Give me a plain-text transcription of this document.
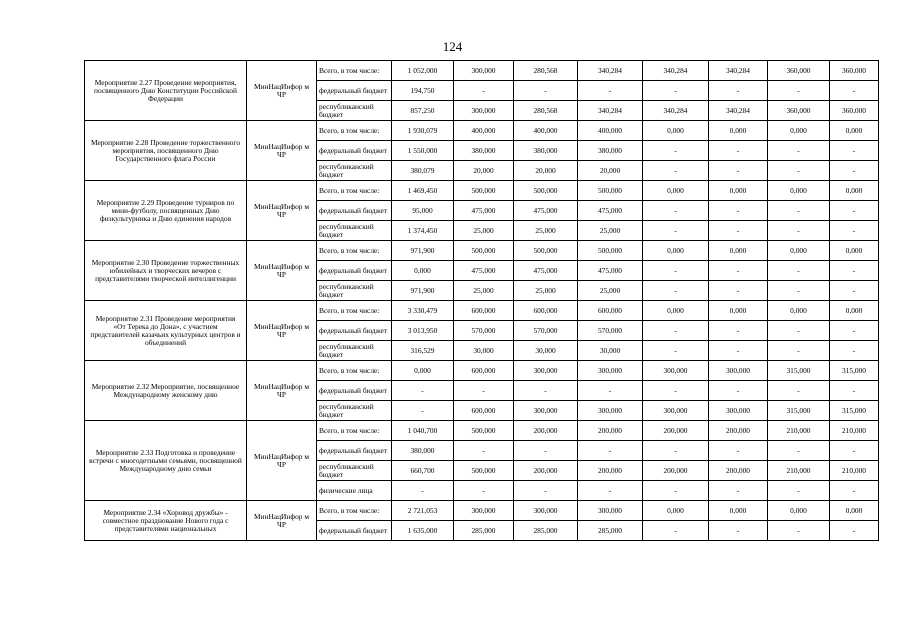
124
Мероприятие 2.27 Проведение мероприятия, посвященного Дню Конституции Российской Федерации	МинНацИнфор м ЧР	Всего, в том числе:	1 052,000	300,000	280,568	340,284	340,284	340,284	360,000	360,000
		федеральный бюджет	194,750	-	-	-	-	-	-	-
		республиканский бюджет	857,250	300,000	280,568	340,284	340,284	340,284	360,000	360,000
Мероприятие 2.28 Проведение торжественного мероприятия, посвященного Дню Государственного флага России	МинНацИнфор м ЧР	Всего, в том числе:	1 930,079	400,000	400,000	400,000	0,000	0,000	0,000	0,000
		федеральный бюджет	1 550,000	380,000	380,000	380,000	-	-	-	-
		республиканский бюджет	380,079	20,000	20,000	20,000	-	-	-	-
Мероприятие 2.29 Проведение турниров по мини-футболу, посвященных Дню физкультурника и Дню единения народов	МинНацИнфор м ЧР	Всего, в том числе:	1 469,450	500,000	500,000	500,000	0,000	0,000	0,000	0,000
		федеральный бюджет	95,000	475,000	475,000	475,000	-	-	-	-
		республиканский бюджет	1 374,450	25,000	25,000	25,000	-	-	-	-
Мероприятие 2.30 Проведение торжественных юбилейных и творческих вечеров с представителями творческой интеллигенции	МинНацИнфор м ЧР	Всего, в том числе:	971,900	500,000	500,000	500,000	0,000	0,000	0,000	0,000
		федеральный бюджет	0,000	475,000	475,000	475,000	-	-	-	-
		республиканский бюджет	971,900	25,000	25,000	25,000	-	-	-	-
Мероприятие 2.31 Проведение мероприятия «От Терека до Дона», с участием представителей казачьих культурных центров и объединений	МинНацИнфор м ЧР	Всего, в том числе:	3 330,479	600,000	600,000	600,000	0,000	0,000	0,000	0,000
		федеральный бюджет	3 013,950	570,000	570,000	570,000	-	-	-	-
		республиканский бюджет	316,529	30,000	30,000	30,000	-	-	-	-
Мероприятие 2.32 Мероприятие, посвященное Международному женскому дню	МинНацИнфор м ЧР	Всего, в том числе:	0,000	600,000	300,000	300,000	300,000	300,000	315,000	315,000
		федеральный бюджет	-	-	-	-	-	-	-	-
		республиканский бюджет	-	600,000	300,000	300,000	300,000	300,000	315,000	315,000
Мероприятие 2.33 Подготовка и проведение встречи с многодетными семьями, посвященной Международному дню семьи	МинНацИнфор м ЧР	Всего, в том числе:	1 040,700	500,000	200,000	200,000	200,000	200,000	210,000	210,000
		федеральный бюджет	380,000	-	-	-	-	-	-	-
		республиканский бюджет	660,700	500,000	200,000	200,000	200,000	200,000	210,000	210,000
		физические лица	-	-	-	-	-	-	-	-
Мероприятие 2.34 «Хоровод дружбы» - совместное празднование Нового года с представителями национальных	МинНацИнфор м ЧР	Всего, в том числе:	2 721,053	300,000	300,000	300,000	0,000	0,000	0,000	0,000
		федеральный бюджет	1 635,000	285,000	285,000	285,000	-	-	-	-
